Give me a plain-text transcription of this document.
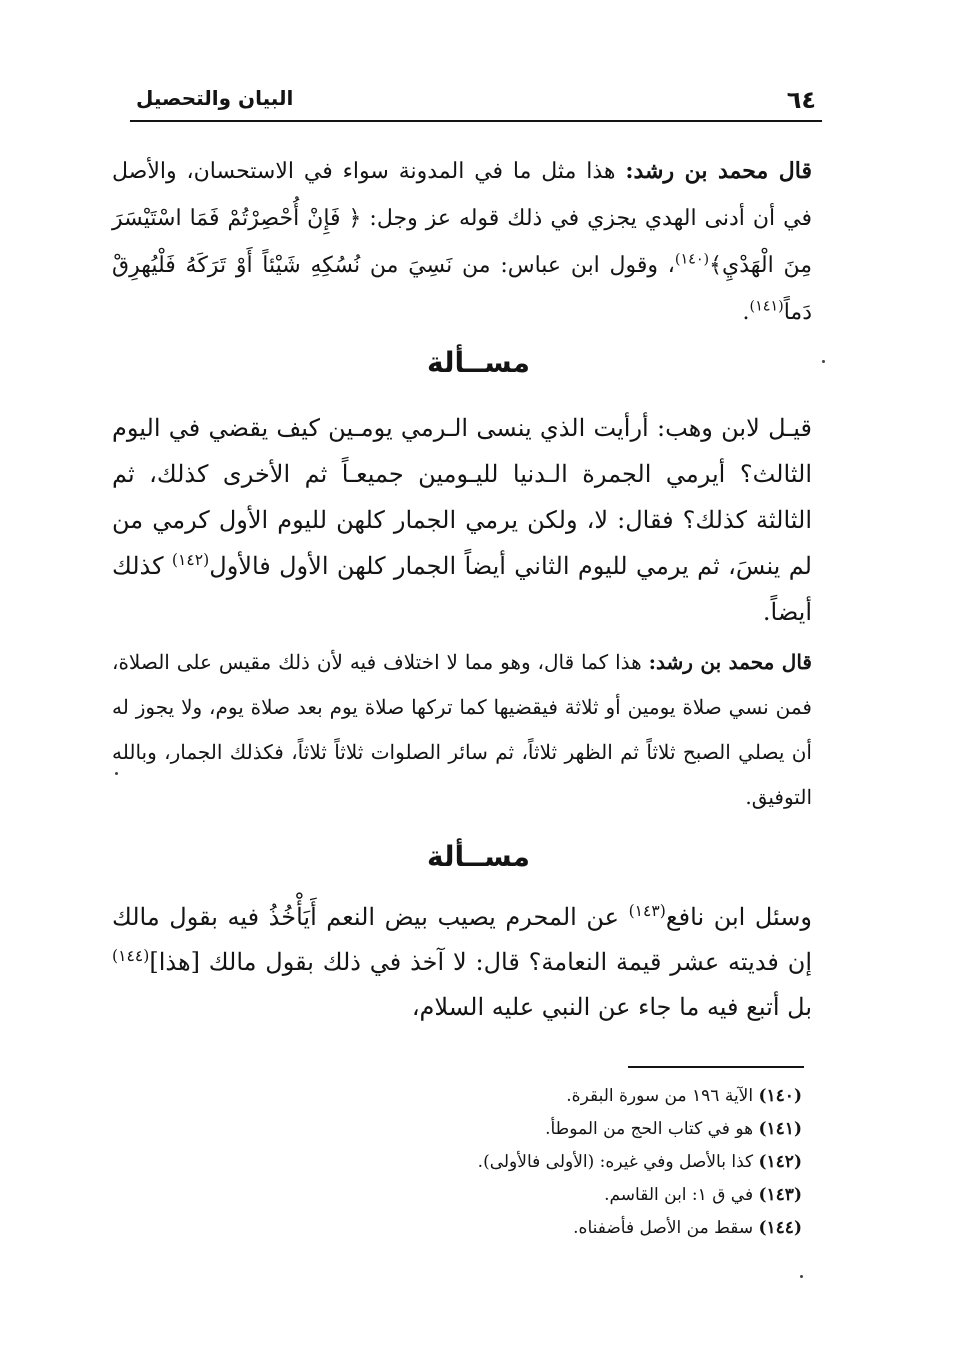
البيان والتحصيل	٦٤

قال محمد بن رشد: هذا مثل ما في المدونة سواء في الاستحسان، والأصل في أن أدنى الهدي يجزي في ذلك قوله عز وجل: ﴿ فَإِنْ أُحْصِرْتُمْ فَمَا اسْتَيْسَرَ مِنَ الْهَدْيِ﴾$^{(١٤٠)}$، وقول ابن عباس: من نَسِيَ من نُسُكِهِ شَيْئاً أَوْ تَرَكَهُ فَلْيُهرِقْ دَماً$^{(١٤١)}$.

مســألة

قيـل لابن وهب: أرأيت الذي ينسى الـرمي يومـين كيف يقضي في اليوم الثالث؟ أيرمي الجمرة الـدنيا لليـومين جميعـاً ثم الأخرى كذلك، ثم الثالثة كذلك؟ فقال: لا، ولكن يرمي الجمار كلهن لليوم الأول كرمي من لم ينسَ، ثم يرمي لليوم الثاني أيضاً الجمار كلهن الأول فالأول$^{(١٤٢)}$ كذلك أيضاً.

قال محمد بن رشد: هذا كما قال، وهو مما لا اختلاف فيه لأن ذلك مقيس على الصلاة، فمن نسي صلاة يومين أو ثلاثة فيقضيها كما تركها صلاة يوم بعد صلاة يوم، ولا يجوز له أن يصلي الصبح ثلاثاً ثم الظهر ثلاثاً، ثم سائر الصلوات ثلاثاً ثلاثاً، فكذلك الجمار، وبالله التوفيق.

مســألة

وسئل ابن نافع$^{(١٤٣)}$ عن المحرم يصيب بيض النعم أَيَأْخُذُ فيه بقول مالك إن فديته عشر قيمة النعامة؟ قال: لا آخذ في ذلك بقول مالك [هذا]$^{(١٤٤)}$ بل أتبع فيه ما جاء عن النبي عليه السلام،

(١٤٠) الآية ١٩٦ من سورة البقرة.
(١٤١) هو في كتاب الحج من الموطأ.
(١٤٢) كذا بالأصل وفي غيره: (الأولى فالأولى).
(١٤٣) في ق ١: ابن القاسم.
(١٤٤) سقط من الأصل فأضفناه.
